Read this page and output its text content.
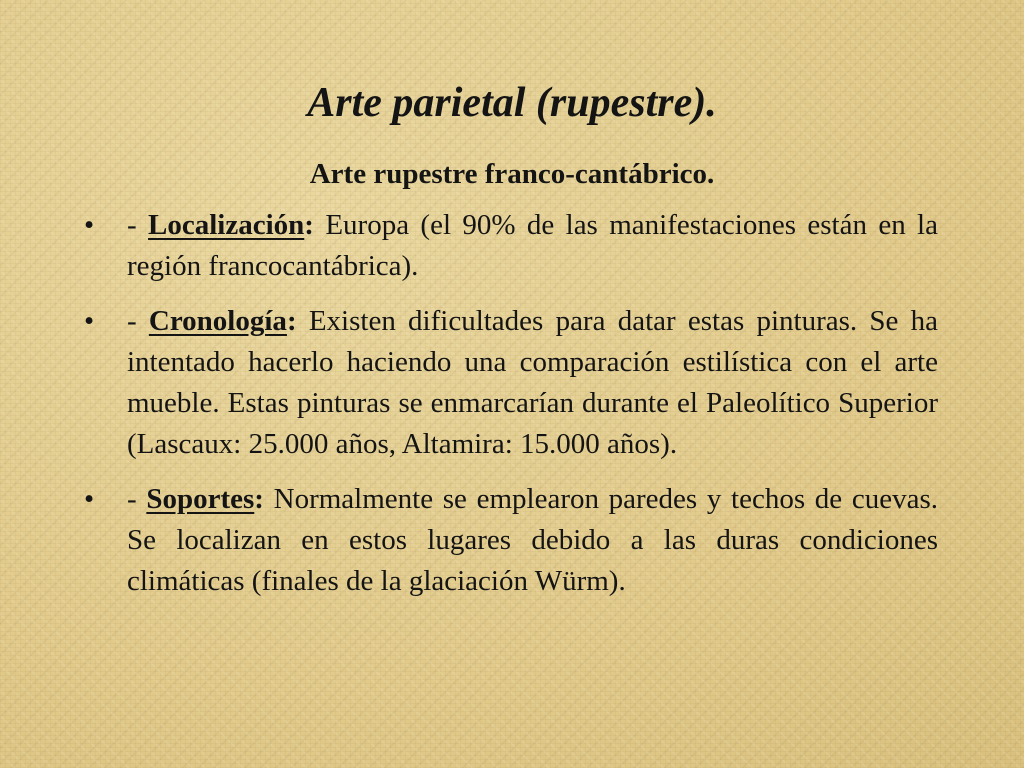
Arte parietal (rupestre).
Arte rupestre franco-cantábrico.
• - Localización: Europa (el 90% de las manifestaciones están en la región francocantábrica).
• - Cronología: Existen dificultades para datar estas pinturas. Se ha intentado hacerlo haciendo una comparación estilística con el arte mueble. Estas pinturas se enmarcarían durante el Paleolítico Superior (Lascaux: 25.000 años, Altamira: 15.000 años).
• - Soportes: Normalmente se emplearon paredes y techos de cuevas. Se localizan en estos lugares debido a las duras condiciones climáticas (finales de la glaciación Würm).
